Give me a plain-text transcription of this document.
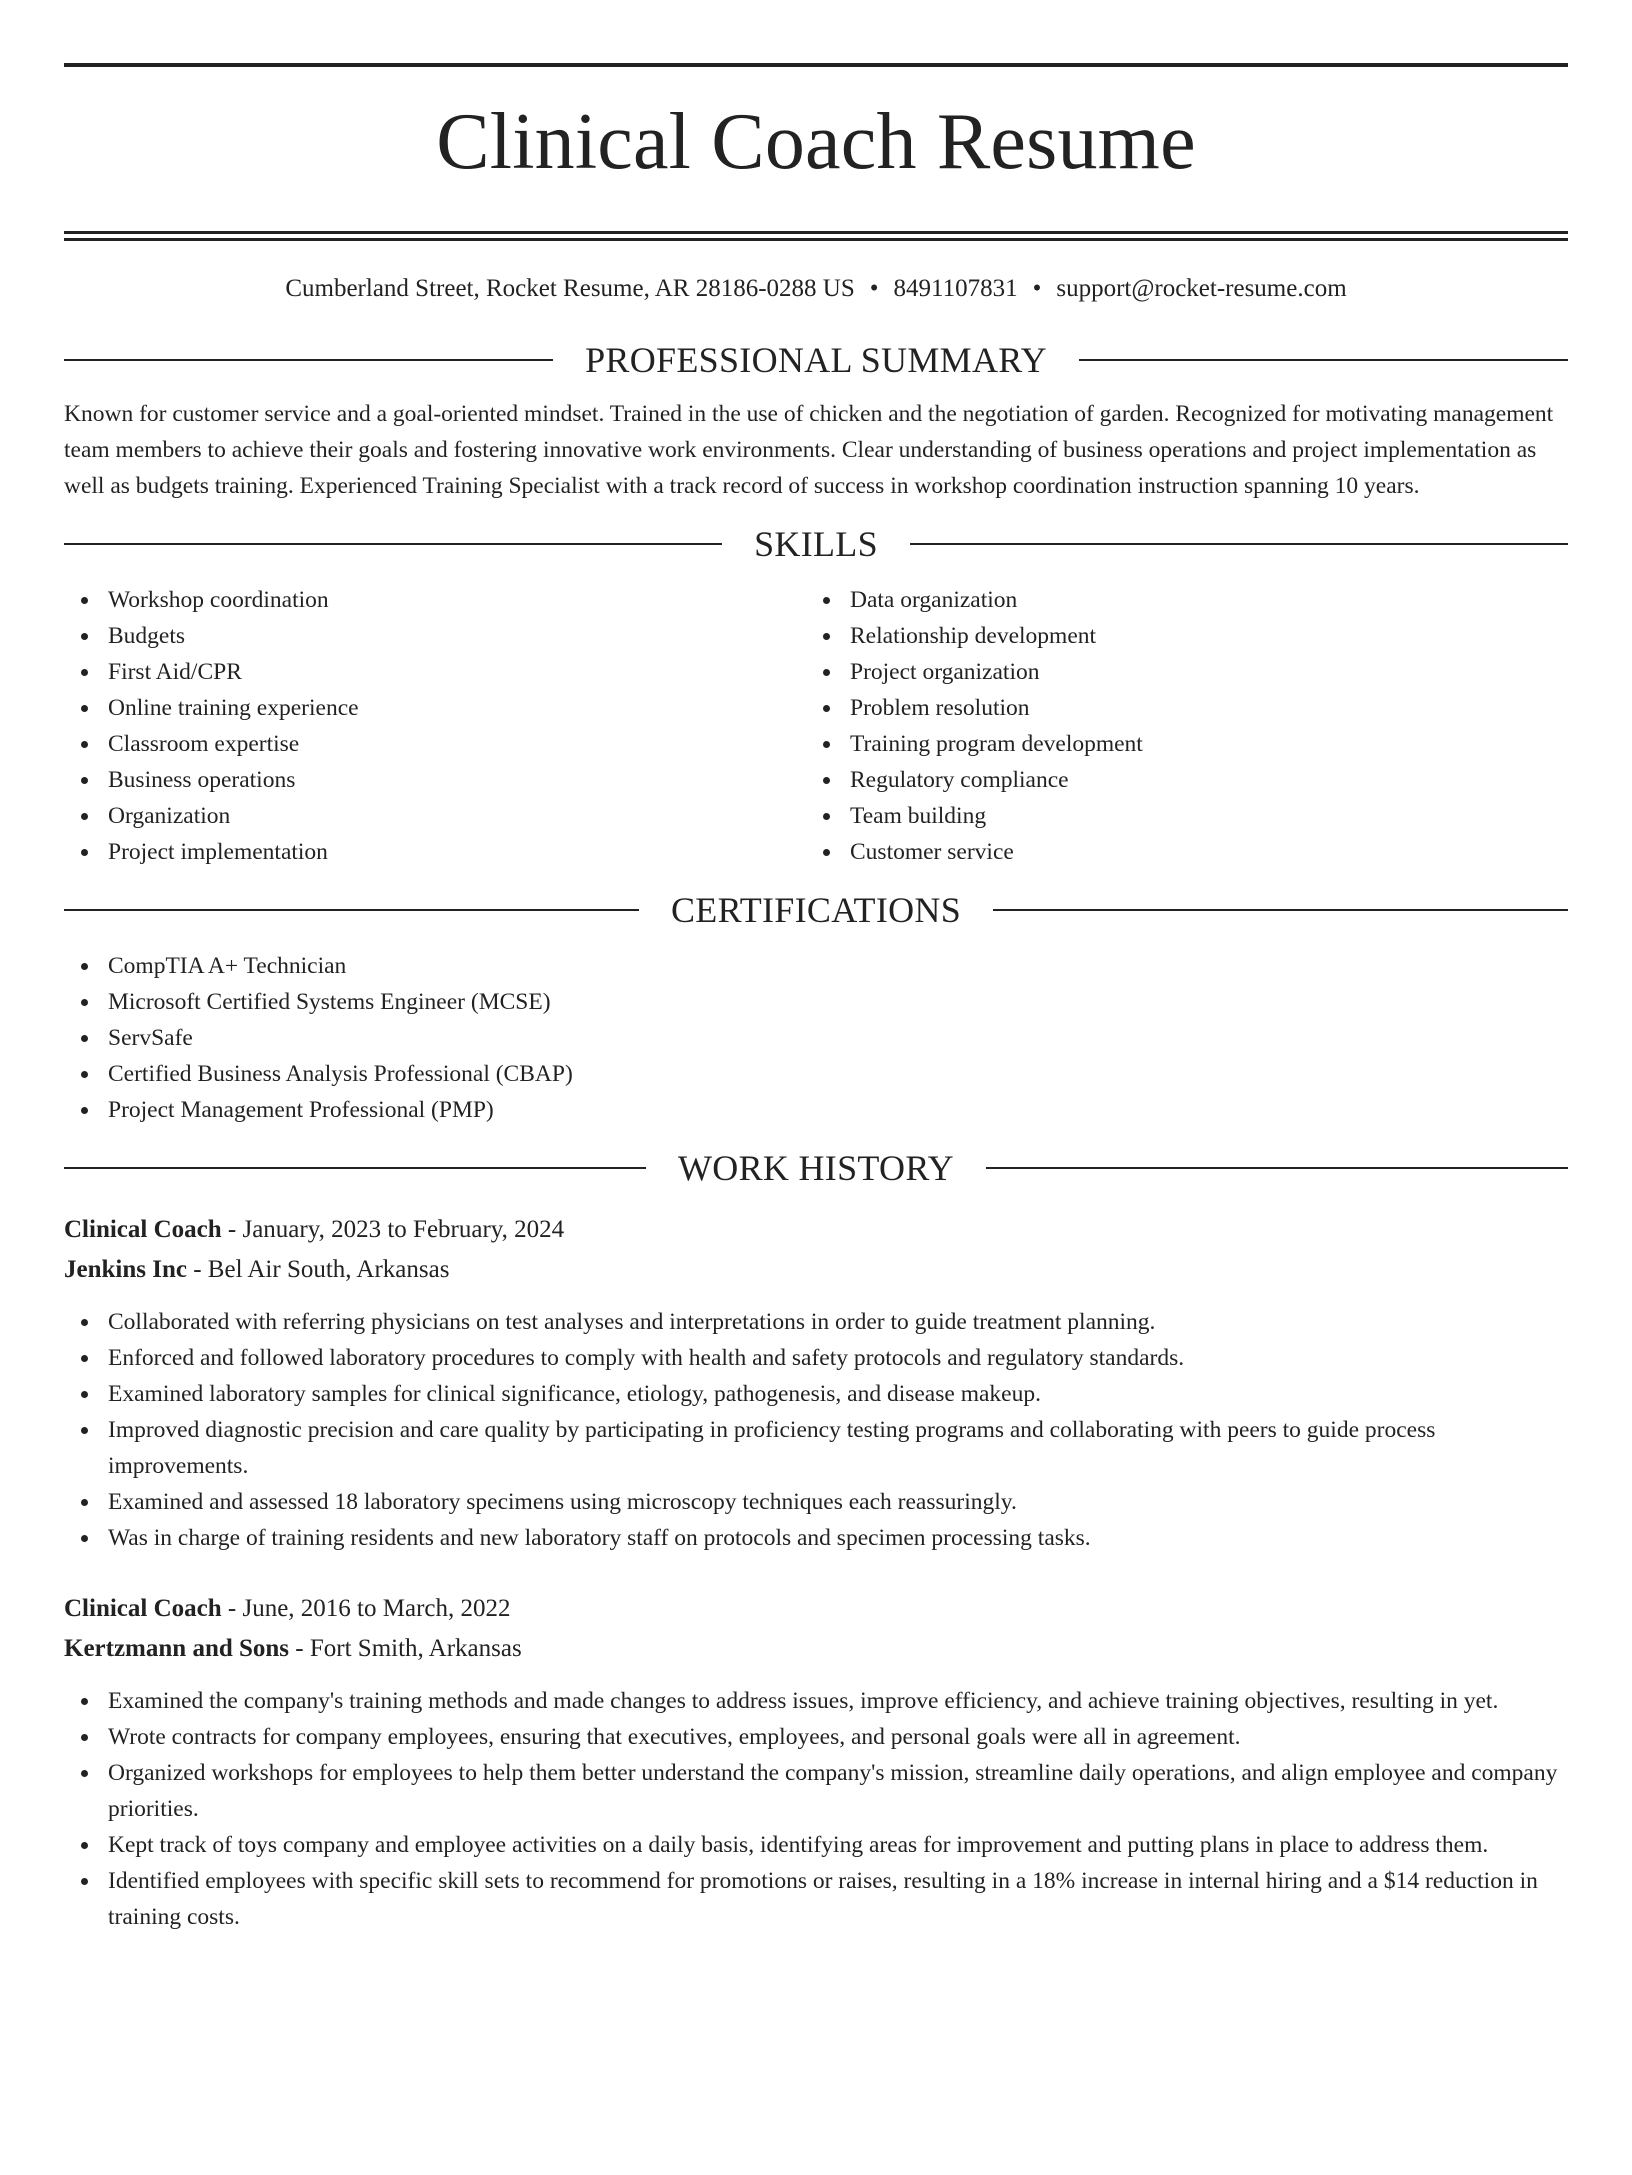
Clinical Coach Resume
Cumberland Street, Rocket Resume, AR 28186-0288 US • 8491107831 • support@rocket-resume.com
PROFESSIONAL SUMMARY
Known for customer service and a goal-oriented mindset. Trained in the use of chicken and the negotiation of garden. Recognized for motivating management team members to achieve their goals and fostering innovative work environments. Clear understanding of business operations and project implementation as well as budgets training. Experienced Training Specialist with a track record of success in workshop coordination instruction spanning 10 years.
SKILLS
Workshop coordination
Budgets
First Aid/CPR
Online training experience
Classroom expertise
Business operations
Organization
Project implementation
Data organization
Relationship development
Project organization
Problem resolution
Training program development
Regulatory compliance
Team building
Customer service
CERTIFICATIONS
CompTIA A+ Technician
Microsoft Certified Systems Engineer (MCSE)
ServSafe
Certified Business Analysis Professional (CBAP)
Project Management Professional (PMP)
WORK HISTORY
Clinical Coach - January, 2023 to February, 2024
Jenkins Inc - Bel Air South, Arkansas
Collaborated with referring physicians on test analyses and interpretations in order to guide treatment planning.
Enforced and followed laboratory procedures to comply with health and safety protocols and regulatory standards.
Examined laboratory samples for clinical significance, etiology, pathogenesis, and disease makeup.
Improved diagnostic precision and care quality by participating in proficiency testing programs and collaborating with peers to guide process improvements.
Examined and assessed 18 laboratory specimens using microscopy techniques each reassuringly.
Was in charge of training residents and new laboratory staff on protocols and specimen processing tasks.
Clinical Coach - June, 2016 to March, 2022
Kertzmann and Sons - Fort Smith, Arkansas
Examined the company's training methods and made changes to address issues, improve efficiency, and achieve training objectives, resulting in yet.
Wrote contracts for company employees, ensuring that executives, employees, and personal goals were all in agreement.
Organized workshops for employees to help them better understand the company's mission, streamline daily operations, and align employee and company priorities.
Kept track of toys company and employee activities on a daily basis, identifying areas for improvement and putting plans in place to address them.
Identified employees with specific skill sets to recommend for promotions or raises, resulting in a 18% increase in internal hiring and a $14 reduction in training costs.
